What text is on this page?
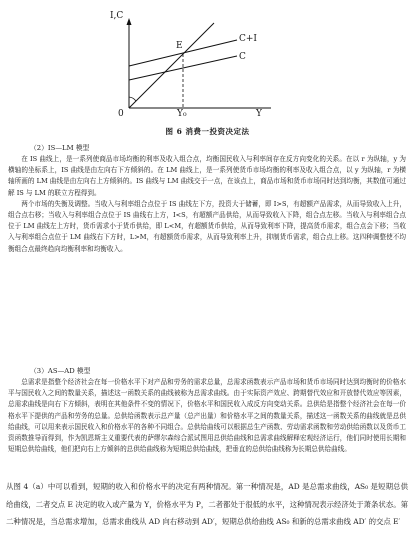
I,C
Y
0
E
C+I
C
Y₀
图 6 消费一投资决定法
（2）IS—LM 模型

在 IS 曲线上，是一系列使商品市场均衡的利率及收入组合点，均衡国民收入与利率间存在反方向变化的关系。在以 r 为纵轴，y 为横轴的坐标系上，IS 曲线是由左向右下方倾斜的。在 LM 曲线上，是一系列使货币市场均衡的利率及收入组合点，以 y 为纵轴，r 为横轴所画的 LM 曲线是由左向右上方倾斜的。IS 曲线与 LM 曲线交于一点，在该点上，商品市场和货币市场同时达到均衡，其数值可通过解 IS 与 LM 的联立方程得到。

两个市场的失衡及调整。当收入与利率组合点位于 IS 曲线左下方，投资大于储蓄，即 I>S，有超额产品需求，从而导致收入上升，组合点右移；当收入与利率组合点位于 IS 曲线右上方，I<S，有超额产品供给，从而导致收入下降，组合点左移。当收入与利率组合点位于 LM 曲线左上方时，货币需求小于货币供给，即 L<M，有超额货币供给，从而导致利率下降，提高货币需求，组合点会下移；当收入与利率组合点位于 LM 曲线右下方时，L>M，有超额货币需求，从而导致利率上升，抑制货币需求，组合点上移。这四种调整使不均衡组合点最终趋向均衡利率和均衡收入。

（3）AS—AD 模型

总需求是指整个经济社会在每一价格水平下对产品和劳务的需求总量，总需求函数表示产品市场和货币市场同时达到均衡时的价格水平与国民收入之间的数量关系，描述这一函数关系的曲线被称为总需求曲线。由于实际资产效应、跨期替代效应和开放替代效应等因素，总需求曲线是向右下方倾斜，表明在其他条件不变的情况下，价格水平和国民收入成反方向变动关系。总供给是指整个经济社会在每一价格水平下提供的产品和劳务的总量。总供给函数表示总产量（总产出量）和价格水平之间的数量关系，描述这一函数关系的曲线就是总供给曲线，可以用来表示国民收入和价格水平的各种不同组合。总供给曲线可以根据总生产函数、劳动需求函数和劳动供给函数以及货币工资函数推导而得到，作为凯恩斯主义重要代表的萨缪尔森综合派试图用总供给曲线和总需求曲线解释宏观经济运行，他们同时使用长期和短期总供给曲线，他们把向右上方倾斜的总供给曲线称为短期总供给曲线，把垂直的总供给曲线称为长期总供给曲线。

从图 4（a）中可以看到，短期的收入和价格水平的决定有两种情况。第一种情况是，AD 是总需求曲线，AS₀ 是短期总供给曲线，二者交点 E 决定的收入或产量为 Y，价格水平为 P，二者都处于很低的水平，这种情况表示经济处于萧条状态。第二种情况是，当总需求增加，总需求曲线从 AD 向右移动到 AD′，短期总供给曲线 AS₀ 和新的总需求曲线 AD′ 的交点 E′
